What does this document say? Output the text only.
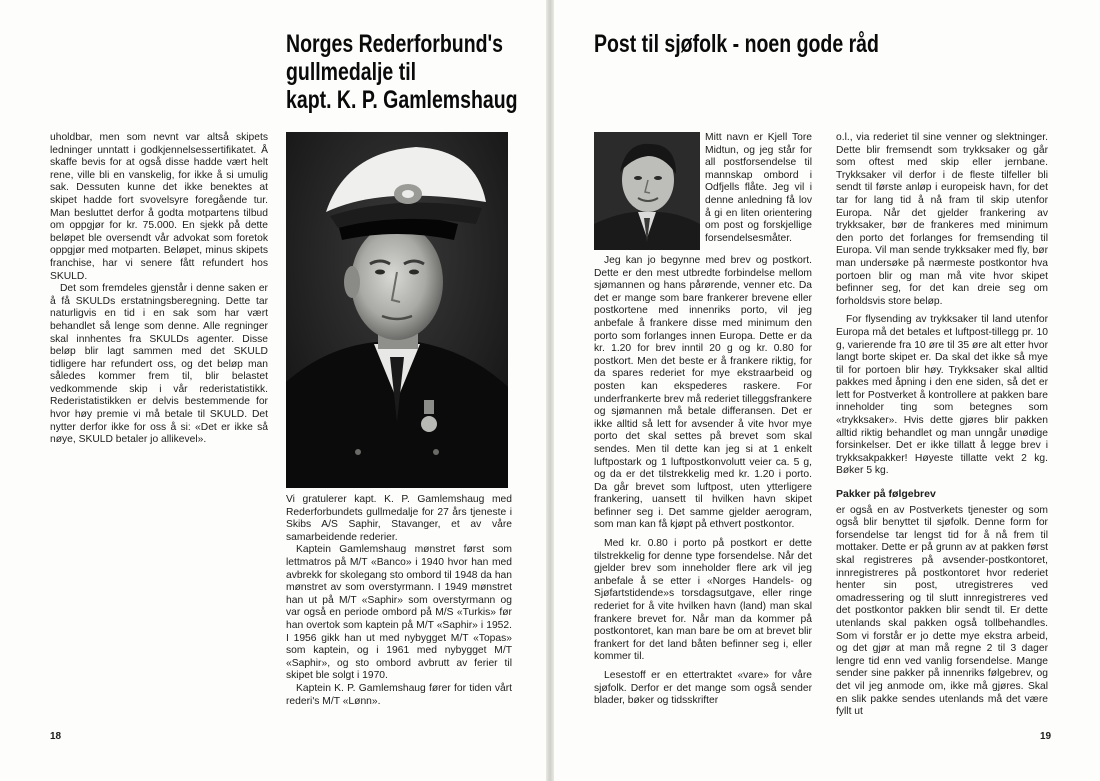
Norges Rederforbund's
gullmedalje til
kapt. K. P. Gamlemshaug
Post til sjøfolk - noen gode råd

uholdbar, men som nevnt var altså skipets ledninger unntatt i godkjennelsessertifikatet. Å skaffe bevis for at også disse hadde vært helt rene, ville bli en vanskelig, for ikke å si umulig sak. Dessuten kunne det ikke benektes at skipet hadde fort svovelsyre foregående tur. Man besluttet derfor å godta motpartens tilbud om oppgjør for kr. 75.000. En sjekk på dette beløpet ble oversendt vår advokat som foretok oppgjør med motparten. Beløpet, minus skipets franchise, har vi senere fått refundert hos SKULD.

Det som fremdeles gjenstår i denne saken er å få SKULDs erstatningsberegning. Dette tar naturligvis en tid i en sak som har vært behandlet så lenge som denne. Alle regninger skal innhentes fra SKULDs agenter. Disse beløp blir lagt sammen med det SKULD tidligere har refundert oss, og det beløp man således kommer frem til, blir belastet vedkommende skip i vår rederistatistikk. Rederistatistikken er delvis bestemmende for hvor høy premie vi må betale til SKULD. Det nytter derfor ikke for oss å si: «Det er ikke så nøye, SKULD betaler jo allikevel».

Vi gratulerer kapt. K. P. Gamlemshaug med Rederforbundets gullmedalje for 27 års tjeneste i Skibs A/S Saphir, Stavanger, et av våre samarbeidende rederier.

Kaptein Gamlemshaug mønstret først som lettmatros på M/T «Banco» i 1940 hvor han med avbrekk for skolegang sto ombord til 1948 da han mønstret av som overstyrmann. I 1949 mønstret han ut på M/T «Saphir» som overstyrmann og var også en periode ombord på M/S «Turkis» før han overtok som kaptein på M/T «Saphir» i 1952. I 1956 gikk han ut med nybygget M/T «Topas» som kaptein, og i 1961 med nybygget M/T «Saphir», og sto ombord avbrutt av ferier til skipet ble solgt i 1970.

Kaptein K. P. Gamlemshaug fører for tiden vårt rederi's M/T «Lønn».

Mitt navn er Kjell Tore Midtun, og jeg står for all postforsendelse til mannskap ombord i Odfjells flåte. Jeg vil i denne anledning få lov å gi en liten orientering om post og forskjellige forsendelsesmåter.

Jeg kan jo begynne med brev og postkort. Dette er den mest utbredte forbindelse mellom sjømannen og hans pårørende, venner etc. Da det er mange som bare frankerer brevene eller postkortene med innenriks porto, vil jeg anbefale å frankere disse med minimum den porto som forlanges innen Europa. Dette er da kr. 1.20 for brev inntil 20 g og kr. 0.80 for postkort. Men det beste er å frankere riktig, for da spares rederiet for mye ekstraarbeid og posten kan ekspederes raskere. For underfrankerte brev må rederiet tilleggsfrankere og sjømannen må betale differansen. Det er ikke alltid så lett for avsender å vite hvor mye porto det skal settes på brevet som skal sendes. Men til dette kan jeg si at 1 enkelt luftpostark og 1 luftpostkonvolutt veier ca. 5 g, og da er det tilstrekkelig med kr. 1.20 i porto. Da går brevet som luftpost, uten ytterligere frankering, uansett til hvilken havn skipet befinner seg i. Det samme gjelder aerogram, som man kan få kjøpt på ethvert postkontor.

Med kr. 0.80 i porto på postkort er dette tilstrekkelig for denne type forsendelse. Når det gjelder brev som inneholder flere ark vil jeg anbefale å se etter i «Norges Handels- og Sjøfartstidende»s torsdagsutgave, eller ringe rederiet for å vite hvilken havn (land) man skal frankere brevet for. Når man da kommer på postkontoret, kan man bare be om at brevet blir frankert for det land båten befinner seg i, eller kommer til.

Lesestoff er en ettertraktet «vare» for våre sjøfolk. Derfor er det mange som også sender blader, bøker og tidsskrifter

o.l., via rederiet til sine venner og slektninger. Dette blir fremsendt som trykksaker og går som oftest med skip eller jernbane. Trykksaker vil derfor i de fleste tilfeller bli sendt til første anløp i europeisk havn, for det tar for lang tid å nå fram til skip utenfor Europa. Når det gjelder frankering av trykksaker, bør de frankeres med minimum den porto det forlanges for fremsending til Europa. Vil man sende trykksaker med fly, bør man undersøke på nærmeste postkontor hva portoen blir og man må vite hvor skipet befinner seg, for det kan dreie seg om forholdsvis store beløp.

For flysending av trykksaker til land utenfor Europa må det betales et luftpost-tillegg pr. 10 g, varierende fra 10 øre til 35 øre alt etter hvor langt borte skipet er. Da skal det ikke så mye til for portoen blir høy. Trykksaker skal alltid pakkes med åpning i den ene siden, så det er lett for Postverket å kontrollere at pakken bare inneholder ting som betegnes som «trykksaker». Hvis dette gjøres blir pakken alltid riktig behandlet og man unngår unødige forsinkelser. Det er ikke tillatt å legge brev i trykksakpakker! Høyeste tillatte vekt 2 kg. Bøker 5 kg.

Pakker på følgebrev

er også en av Postverkets tjenester og som også blir benyttet til sjøfolk. Denne form for forsendelse tar lengst tid for å nå frem til mottaker. Dette er på grunn av at pakken først skal registreres på avsender-postkontoret, innregistreres på postkontoret hvor rederiet henter sin post, utregistreres ved omadressering og til slutt innregistreres ved det postkontor pakken blir sendt til. Er dette utenlands skal pakken også tollbehandles. Som vi forstår er jo dette mye ekstra arbeid, og det gjør at man må regne 2 til 3 dager lengre tid enn ved vanlig forsendelse. Mange sender sine pakker på innenriks følgebrev, og det vil jeg anmode om, ikke må gjøres. Skal en slik pakke sendes utenlands må det være fyllt ut

18	19
